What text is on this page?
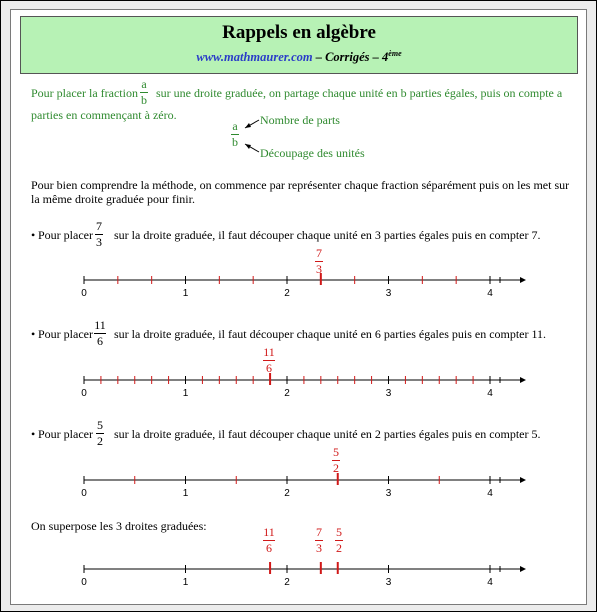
Rappels en algèbre
www.mathmaurer.com – Corrigés – 4ème
Pour placer la fraction
a
b sur une droite graduée, on partage chaque unité en b parties égales, puis on compte a
parties en commençant à zéro.
a
b
Nombre de parts
Découpage des unités
Pour bien comprendre la méthode, on commence par représenter chaque fraction séparément puis on les met sur
la même droite graduée pour finir.
• Pour placer
7
3 sur la droite graduée, il faut découper chaque unité en 3 parties égales puis en compter 7.
• Pour placer
11
6 sur la droite graduée, il faut découper chaque unité en 6 parties égales puis en compter 11.
• Pour placer
5
2 sur la droite graduée, il faut découper chaque unité en 2 parties égales puis en compter 5.
On superpose les 3 droites graduées:
7
3
11
6
5
2
11
6
7
3
5
2
0	1	2	3	4
0	1	2	3	4
0	1	2	3	4
0	1	2	3	4
